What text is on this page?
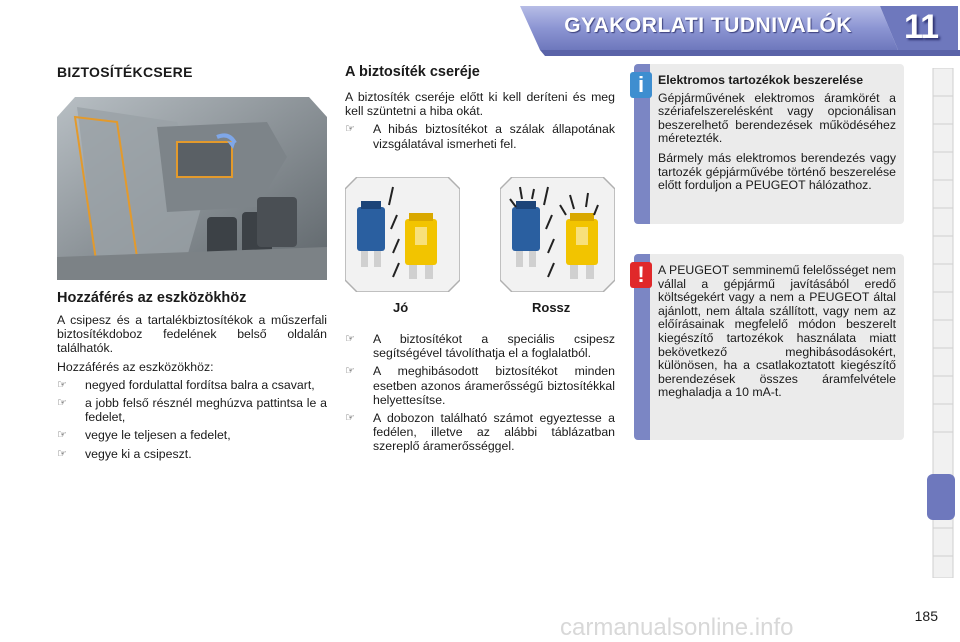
GYAKORLATI TUDNIVALÓK 11
BIZTOSÍTÉKCSERE
Hozzáférés az eszközökhöz

A csipesz és a tartalékbiztosítékok a műszerfali biztosítékdoboz fedelének belső oldalán találhatók.

Hozzáférés az eszközökhöz:

☞ negyed fordulattal fordítsa balra a csavart,
☞ a jobb felső résznél meghúzva pattintsa le a fedelet,
☞ vegye le teljesen a fedelet,
☞ vegye ki a csipeszt.
A biztosíték cseréje

A biztosíték cseréje előtt ki kell deríteni és meg kell szüntetni a hiba okát.

☞ A hibás biztosítékot a szálak állapotának vizsgálatával ismerheti fel.
Jó	Rossz
☞ A biztosítékot a speciális csipesz segítségével távolíthatja el a foglalatból.
☞ A meghibásodott biztosítékot minden esetben azonos áramerősségű biztosítékkal helyettesítse.
☞ A dobozon található számot egyeztesse a fedélen, illetve az alábbi táblázatban szereplő áramerősséggel.
i	Elektromos tartozékok beszerelése

Gépjárművének elektromos áramkörét a szériafelszerelésként vagy opcionálisan beszerelhető berendezések működéséhez méretezték.

Bármely más elektromos berendezés vagy tartozék gépjárművébe történő beszerelése előtt forduljon a PEUGEOT hálózathoz.

!	A PEUGEOT semminemű felelősséget nem vállal a gépjármű javításából eredő költségekért vagy a nem a PEUGEOT által ajánlott, nem általa szállított, vagy nem az előírásainak megfelelő módon beszerelt kiegészítő tartozékok használata miatt bekövetkező meghibásodásokért, különösen, ha a csatlakoztatott kiegészítő berendezések összes áramfelvétele meghaladja a 10 mA-t.
carmanualsonline.info	185
